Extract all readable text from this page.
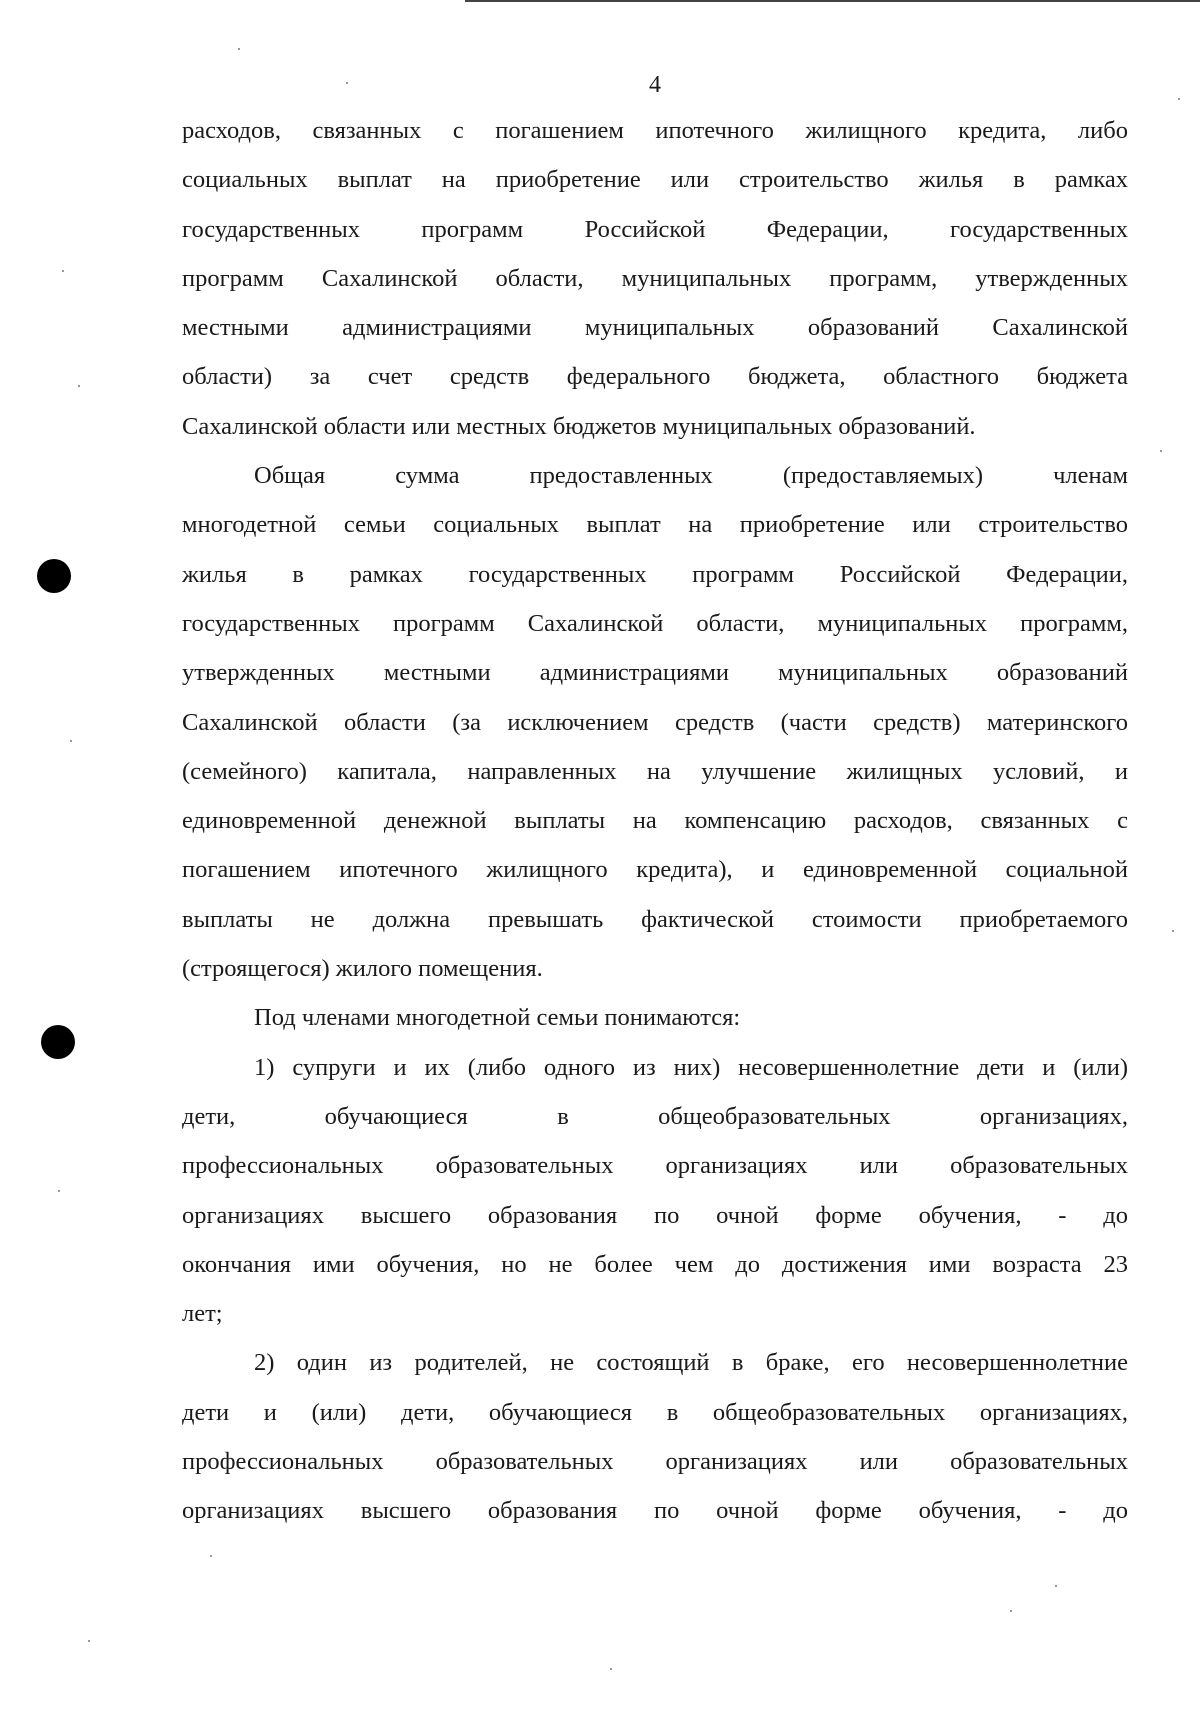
4
расходов, связанных с погашением ипотечного жилищного кредита, либо
социальных выплат на приобретение или строительство жилья в рамках
государственных программ Российской Федерации, государственных
программ Сахалинской области, муниципальных программ, утвержденных
местными администрациями муниципальных образований Сахалинской
области) за счет средств федерального бюджета, областного бюджета
Сахалинской области или местных бюджетов муниципальных образований.
Общая сумма предоставленных (предоставляемых) членам
многодетной семьи социальных выплат на приобретение или строительство
жилья в рамках государственных программ Российской Федерации,
государственных программ Сахалинской области, муниципальных программ,
утвержденных местными администрациями муниципальных образований
Сахалинской области (за исключением средств (части средств) материнского
(семейного) капитала, направленных на улучшение жилищных условий, и
единовременной денежной выплаты на компенсацию расходов, связанных с
погашением ипотечного жилищного кредита), и единовременной социальной
выплаты не должна превышать фактической стоимости приобретаемого
(строящегося) жилого помещения.
Под членами многодетной семьи понимаются:
1) супруги и их (либо одного из них) несовершеннолетние дети и (или)
дети, обучающиеся в общеобразовательных организациях,
профессиональных образовательных организациях или образовательных
организациях высшего образования по очной форме обучения, - до
окончания ими обучения, но не более чем до достижения ими возраста 23
лет;
2) один из родителей, не состоящий в браке, его несовершеннолетние
дети и (или) дети, обучающиеся в общеобразовательных организациях,
профессиональных образовательных организациях или образовательных
организациях высшего образования по очной форме обучения, - до
